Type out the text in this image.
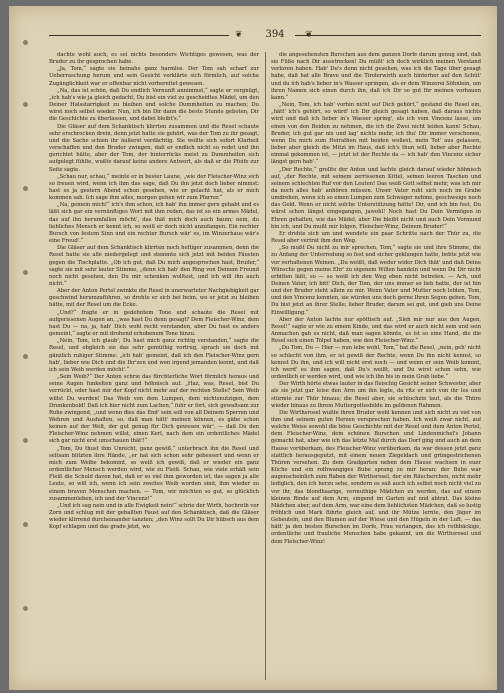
❦	394	❦

dachte wohl auch, es sei nichts besonders Wichtiges gewesen, was der Bruder zu ihr gesprochen habe.

„Ja, Tom,“ sagte sie beinahe ganz harmlos. Der Tom sah scharf zur Ueberraschung herum und sein Gesicht verklärte sich förmlich, auf solche Zugänglichkeit war er offenbar nicht vorbereitet gewesen.

„Na, das ist schön, daß Du endlich Vernunft annimmst,“ sagte er vergnügt, „ich hab's wie ja gleich gedacht, Du bist ein viel zu gescheidtes Mädel, um den Deiner Halsstarrigkeit zu bleiben und solche Dummheiten zu machen; Du wirst noch selbst wieder. Nun, ich bin Dir dann die beste Stunde geboten, Dir die Geschichte zu überlassen, und dabei bleibt's.“

Die Gläser auf dem Schanktisch klirrten zusammen und die Resel schaute sehr erschrocken drein, denn jetzt hatte sie gehört, was der Tom zu ihr gesagt, und die Sache schien ihr äußerst verdächtig. Sie wollte sich sofort Klarheit verschaffen und den Bruder zwingen, daß er endlich nicht so redet und ihn gerichtet hätte, aber der Tom, der hinterrücks meist zu Dummheiten sich aufgelegt fühlte, wußte darauf keine andere Antwort, als daß er die Pfeife zur Seite sagte.

„Schau nur, schau,“ meinte er in bester Laune, „wie der Fleischer-Winz sich so freuen wird, wenn ich ihm das sage, daß Du ihn jetzt doch lieber nimmst; hast es ja gestern Abend schon gesehen, wie er gelacht hat, als er mich kommen sah. Ich sage ihm alles, morgen gehen wir zum Pfarrer.“

„Na, gemein mich!“ ich's ihm schon, ich hab' ihn immer gern gehabt und es läßt sich gar ein vernünftiges Wort mit ihm reden, das ist so ein armes Mädel, das auf ihn herumfallen möcht', das thät mich doch auch baum; nein, du liebliches Mensch er kennt ich, so weiß er doch nicht anzufangen. Ein rechter Bursch von festem Sinn und ein rechter Bursch wär' es, im Winzerhaus wär's eine Freud'.“

Die Gläser auf dem Schanktisch klirrten noch heftiger zusammen, denn die Resel hatte sie alle niedergelegt und stemmte sich jetzt mit beiden Fäusten gegen die Tischplatte. „Ob ich gut, daß Du mich angesprochen hast, Bruder,“ sagte sie mit sehr lauter Stimme, „denn ich hab' den Ring von Deinem Freund noch nicht gesehen, den Du mir schenken wolltest, und ich will ihn auch nicht.“

Aber der Anton Pertel zwinkte die Resel in unerwarteter Nachgiebigkeit gar geschwind herumzuführen, so drehte er sich bei beim, wo er jetzt zu bleiben hätte, mit der Resel um die Ecke.

„Und?“ fragte er in gedehntem Tone und schaute die Resel mit aufgerissenen Augen an, „was hast Du denn gesagt? Dem Fleischer-Winz, dem hast Du — na, ja, hab' Dich wohl recht verstanden, aber Du hast es anders gemeint,“ sagte er mit drohend erhobenem Tone hinzu.

„Nein, Tom, ich glaub', Du hast mich ganz richtig verstanden,“ sagte die Resel, und obgleich sie das sehr gemüthig vortrug, sprach sie doch mit gänzlich ruhiger Stimme: „ich hab' gemeint, daß ich den Fleischer-Winz gern hab', lieber wie Dich und die Ihr'zen und wen irgend jemanden kennt, und daß ich sein Weib werden möcht'.“

„Sein Weib?“ Der Anton schrie das fürchterliche Wort förmlich heraus und seine Augen funkelten ganz und höhnisch auf. „Haz, was, Resel, bist Du verrückt, oder hast mir der Kopf nicht mehr auf der rechten Stelle? Sein Weib willst Du werden! Das Weib von dem Lumpen, dem nichtsnutzigen, dem Drunkenbold! Daß ich hier nicht zum Lachen,“ fuhr er fort, sich gewaltsam zur Ruhe zwingend, „und wenn dies das End' sein soll von all Deinem Sperren und Wehren und Aushalten, so, daß man hätt' meinen können, es gäbe schon keinen auf der Welt, der gut genug für Dich gewesen wär', — daß Du den Fleischer-Winz nehmen willst, einen Kerl, nach dem ein ordentliches Mädel sich gar nicht erst umschauen thät'!“

„Tom, Du thust ihm Unrecht, ganz gewiß,“ unterbrach ihn die Resel und seltsam blitzten ihre Hände, „er hat sich schon sehr gebessert und wenn er mich zum Weibe bekommt, so weiß ich gewiß, daß er wieder ein ganz ordentlicher Mensch werden wird, wie zu Fleiß. Schau, wie viele erhält sein Fleiß die Schuld davon hat, daß er so viel ihm geworden ist, das sagen ja alle Leute, so will ich, wenn ich sein zweites Weib worden sind, ihm wieder zu einem braven Menschen machen. — Tom, wir möchten so gut, so glücklich zusammenleben, ich und der Vincenz!“

„Und ich sag nein und in alle Ewigkeit nein!“ schrie der Wirth, hochroth vor Zorn und schlug mit der geballten Faust auf den Schanktisch, daß die Gläser wieder klirrend durcheinander tanzten; „den Winz sollt Du Dir hübsch aus dem Kopf schlagen und das grade jetzt, wo

die angesehensten Burschen aus dem ganzen Dorfe darum genug sind, daß sie Füße nach Dir ausstrecken! Du müßt' ich doch wirklich meinen Verstand verloren haben. Hab' Du's denn nicht gesehen, was ich die Tage über gesagt habe, daß hat alle Brave und die Tirolerwirth auch hinterher auf den Schüt' und du ich hab's lieber in's Wasser springen, als er dem Winzerei Söhnlein, um ihren Namen sich einen durch ihn, daß ich Dir so gut für meinen vorbauen kann.“

„Nein, Tom, ich hab' vorhin nicht auf Dich gehört,“ gestand die Resel ein, „hätt' ich's gehört, so würd' ich Dir gleich gesagt haben, daß daraus nichts wird und daß ich lieber in's Wasser spring', als ich vom Vincenz lasse, um einen von den Beiden zu nehmen, die ich die Zwei nicht leiden kann! Schau, Bruder, ich gut gar nix und lag' nichts mehr, ich thu' Dir immer verschonen, wenn Du mich zum Heirathen mit beiden wollest, mein Tot' aus gelassen, lieber aber gleich die Mitzi im Haus, daß ich's thun will, lieber aber Rechte einmal gekommen ist, — jetzt ist der Rechte da — ich hab' den Vincenz sicher längst gern hab'.“

„Der Rechte,“ grollte der Anton und lachte gleich darauf wieder höhnisch auf, „der Rechte, mit seinem zerrissenen Kittel, seinen leeren Taschen und seinem schlechten Ruf vor den Leuten! Das weiß Gott selbst mehr, was ich mir da noch alles hab' anhören müssen. Unser Vater ruht sich noch im Grabe umdrehen, wenn ich so einen Lumpen zum Schwager nehme, geschweige noch das Geld. Wenn er nicht solche Unterstützung hätte! Dir, und ich bin fest, Du wärst schon längst eingegangen, jawohl! Noch hast Du Dein Vermögen in Ehren gehalten, wie das Mädel, aber Die bleibt nicht und auch Dein Vormund bin ich, und Du mußt mir folgen, Fleischer-Winz, Deinem Bruder!“

Er drehte sich um und wendete ein paar Schritte nach der Thür zu, die Resel aber vertrat ihm den Weg.

„So mußt Du nicht zu mir sprechen, Tom,“ sagte sie und ihre Stimme, die zu Anfang der Unterredung so fest und sicher geklungen hatte, bebte jetzt wie vor verhaltenen Weinen. „Du weißt, daß weder wider Dich thät' und daß Deine Wünsche gegen meine Ehr' zu eigenem Willen handeln und wenn Du Dir nicht erbitten läßt, so — so weiß ich den Weg eben nicht betreten. — Ach, und Deinen Vater, ich bitt' Dich, der Tom, der uns immer so lieb hatte, der ist hin und der Bruder steht allein zu mir. Wenn Vater und Mutter noch lebten, Tom, und den Vincenz kennten, sie würden uns doch gerne Ihren Segen geben. Tom, Du bist jetzt an ihrer Stelle; lieber Bruder, darum sei gut, und gieb uns Deine Einwilligung.“

Aber der Anton lachte nur spöttisch auf. „Sieh mir nur aus den Augen, Resel!“ sagte er wie zu einem Kinde, und das wird er auch nicht sein und sein Anmachen gab es nicht, daß man sagen könnte, es ist so eine Hand, die die Resel sich einen Tölpel haben, wie den Fleischer-Winz.“

„Du Tom, Du — Hier — nun lebe wohl, Tom,“ bat die Resel, „nein, geh' nicht so schlecht von ihm, er ist gewiß der Rechte, wenn Du ihn nicht kennst, so kennst Du ihn, und ich will nicht erst noch — und wenn er sein Weib kommt, ich werd' es ihm sagen, daß Du's weißt, und Du wirst schon sehn, wie ordentlich er werden wird, und wie ich ihn bis in mein Grab liebe.“

Der Wirth hörte etwas lauter in das fleischig Gesicht seiner Schwester, aber als sie jetzt gar leise den Arm um ihn legte, da ritz er sich von ihr los und stürmte zur Thür hinaus; die Resel aber, sie schluchzte laut, als die Thüre wieder hinaus zu ihrem Muttergottesbilde im geldenen Rahmen.

Die Wirthsrosel wußte ihren Bruder wohl kennen und sich nicht zu viel von ihm und seinem guten Herzen versprechen haben. Ich weiß zwar nicht, auf welche Weise sowohl die böse Geschichte mit der Resel und dem Anton Pertel, dem Fleischer-Winz, dem schönen Burschen und Lindenmichel's Johann gemacht hat, aber wie ich das letzte Mal durch das Dorf ging und auch an dem Hause vorüberkam, des Fleischer-Winz vorüberkam, da war dessen jetzt ganz stattlich herausgeputzt, mit einem neuen Ziegeldach und grüngestrichenen Thüren versehen. Zu dem Gradgarten neben dem Hause wachsen in euer Küche und ein rothwangiges Bube sprang zu mir heran; der Bube war augenscheinlich zum Raben der Wirthsrosel, der ein Räucherchen, nicht mehr lediglich, den ich herzu sehe, sondern es saß auch ich selbst noch nicht viel zu vor ihr, das blondhaarige, vermuthige Mädchen zu werden, das auf einem kleinen Rinde auf dem Arm, singend im Garten auf und abtrat. Das kleine Mädchen aber, auf dem Arm, war eine dem lieblichsten Mädchen, daß so lustig fröhlich und Mark führte gleich auf, und ihr Mütze lernte, den Jäger im Gebeuteln, und den Blumen auf der Wiese und den Hügeln in der Luft, — das hätt' ja den besten Burschen im Dorfe, Frau verlangen, das ich rothbäckige, ordentliche und frauliche Menschen habe gekannt, um die Wirthsrosel und dem Fleischer-Winz!
